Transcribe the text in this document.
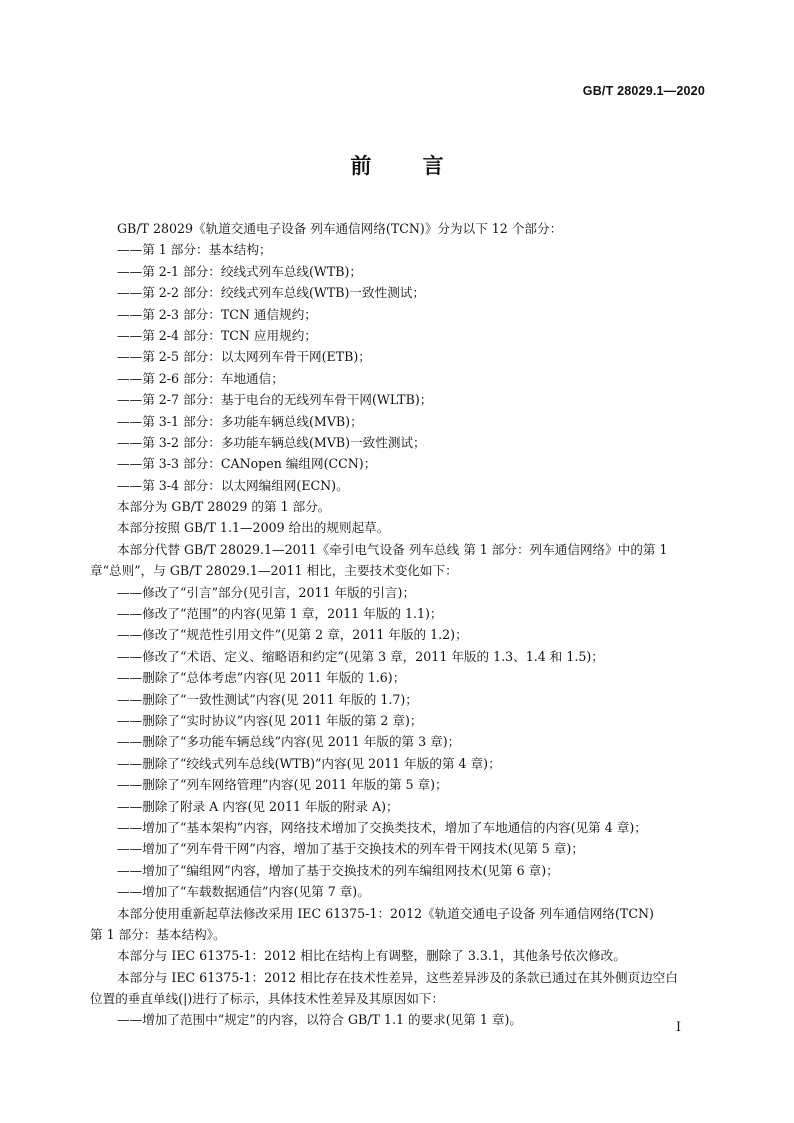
GB/T 28029.1—2020
前 言
GB/T 28029《轨道交通电子设备 列车通信网络(TCN)》分为以下 12 个部分：
——第 1 部分：基本结构；
——第 2-1 部分：绞线式列车总线(WTB)；
——第 2-2 部分：绞线式列车总线(WTB)一致性测试；
——第 2-3 部分：TCN 通信规约；
——第 2-4 部分：TCN 应用规约；
——第 2-5 部分：以太网列车骨干网(ETB)；
——第 2-6 部分：车地通信；
——第 2-7 部分：基于电台的无线列车骨干网(WLTB)；
——第 3-1 部分：多功能车辆总线(MVB)；
——第 3-2 部分：多功能车辆总线(MVB)一致性测试；
——第 3-3 部分：CANopen 编组网(CCN)；
——第 3-4 部分：以太网编组网(ECN)。
本部分为 GB/T 28029 的第 1 部分。
本部分按照 GB/T 1.1—2009 给出的规则起草。
本部分代替 GB/T 28029.1—2011《牵引电气设备 列车总线 第 1 部分：列车通信网络》中的第 1
章“总则”，与 GB/T 28029.1—2011 相比，主要技术变化如下：
——修改了“引言”部分(见引言，2011 年版的引言)；
——修改了“范围”的内容(见第 1 章，2011 年版的 1.1)；
——修改了“规范性引用文件”(见第 2 章，2011 年版的 1.2)；
——修改了“术语、定义、缩略语和约定”(见第 3 章，2011 年版的 1.3、1.4 和 1.5)；
——删除了“总体考虑”内容(见 2011 年版的 1.6)；
——删除了“一致性测试”内容(见 2011 年版的 1.7)；
——删除了“实时协议”内容(见 2011 年版的第 2 章)；
——删除了“多功能车辆总线”内容(见 2011 年版的第 3 章)；
——删除了“绞线式列车总线(WTB)”内容(见 2011 年版的第 4 章)；
——删除了“列车网络管理”内容(见 2011 年版的第 5 章)；
——删除了附录 A 内容(见 2011 年版的附录 A)；
——增加了“基本架构”内容，网络技术增加了交换类技术，增加了车地通信的内容(见第 4 章)；
——增加了“列车骨干网”内容，增加了基于交换技术的列车骨干网技术(见第 5 章)；
——增加了“编组网”内容，增加了基于交换技术的列车编组网技术(见第 6 章)；
——增加了“车载数据通信”内容(见第 7 章)。
本部分使用重新起草法修改采用 IEC 61375-1：2012《轨道交通电子设备 列车通信网络(TCN)
第 1 部分：基本结构》。
本部分与 IEC 61375-1：2012 相比在结构上有调整，删除了 3.3.1，其他条号依次修改。
本部分与 IEC 61375-1：2012 相比存在技术性差异，这些差异涉及的条款已通过在其外侧页边空白
位置的垂直单线(|)进行了标示，具体技术性差异及其原因如下：
——增加了范围中“规定”的内容，以符合 GB/T 1.1 的要求(见第 1 章)。	I
